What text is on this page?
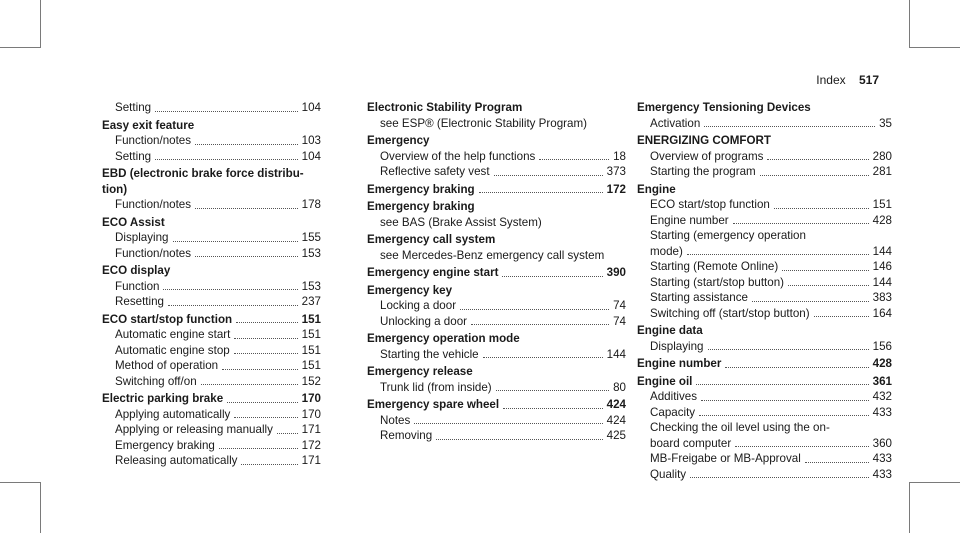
Index 517
Setting	104
Easy exit feature
Function/notes	103
Setting	104
EBD (electronic brake force distribu-
tion)
Function/notes	178
ECO Assist
Displaying	155
Function/notes	153
ECO display
Function	153
Resetting	237
ECO start/stop function	151
Automatic engine start	151
Automatic engine stop	151
Method of operation	151
Switching off/on	152
Electric parking brake	170
Applying automatically	170
Applying or releasing manually 171
Emergency braking	172
Releasing automatically	171
Electronic Stability Program
see ESP® (Electronic Stability Program)
Emergency
Overview of the help functions	18
Reflective safety vest	373
Emergency braking	172
Emergency braking
see BAS (Brake Assist System)
Emergency call system
see Mercedes-Benz emergency call system
Emergency engine start	390
Emergency key
Locking a door	74
Unlocking a door	74
Emergency operation mode
Starting the vehicle	144
Emergency release
Trunk lid (from inside)	80
Emergency spare wheel	424
Notes	424
Removing	425
Emergency Tensioning Devices
Activation	35
ENERGIZING COMFORT
Overview of programs	280
Starting the program	281
Engine
ECO start/stop function	151
Engine number	428
Starting (emergency operation
mode)	144
Starting (Remote Online)	146
Starting (start/stop button)	144
Starting assistance	383
Switching off (start/stop button)	164
Engine data
Displaying	156
Engine number	428
Engine oil	361
Additives	432
Capacity	433
Checking the oil level using the on-
board computer	360
MB-Freigabe or MB-Approval	433
Quality	433
